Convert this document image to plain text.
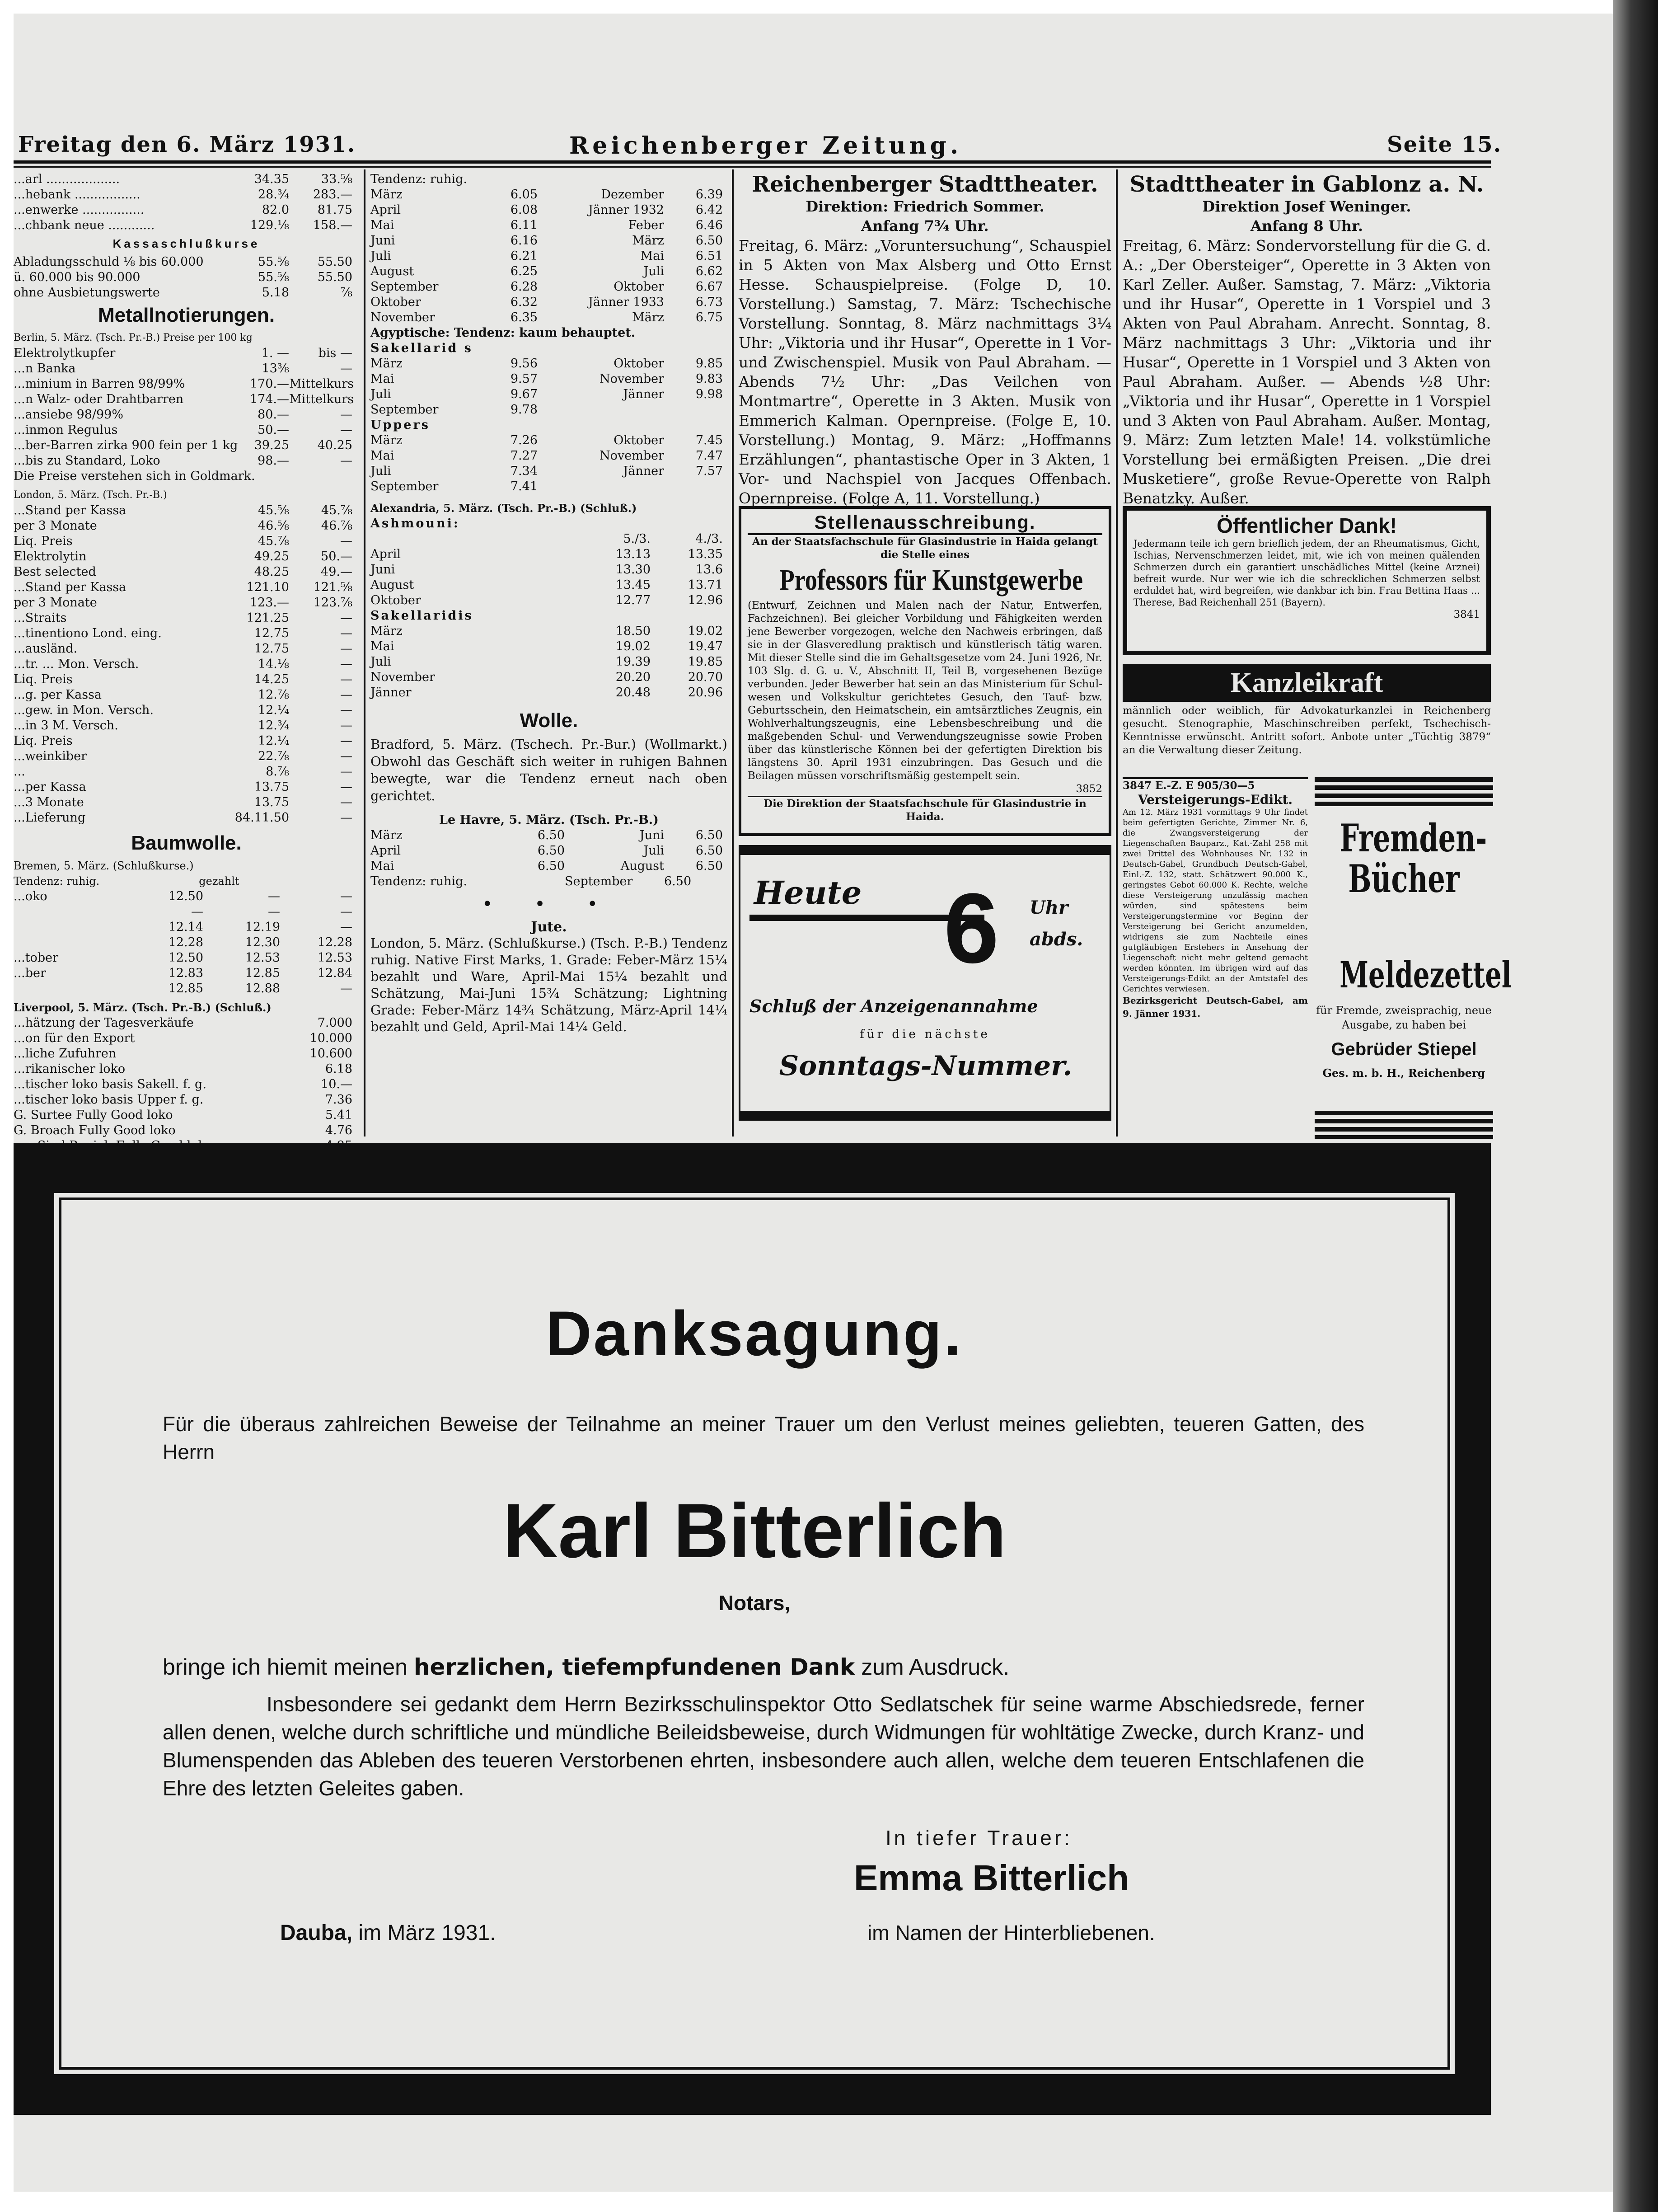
Freitag den 6. März 1931.	Reichenberger Zeitung.	Seite 15.
...arl ...................	34.35	33.⅝
...hebank .................	28.¾ 283.—
...enwerke ................	82.0 81.75
...chbank neue ............	129.⅛ 158.—
Kassaschlußkurse
Abladungsschuld ⅛ bis 60.000	55.⅝ 55.50
ü. 60.000 bis 90.000	55.⅝ 55.50
ohne Ausbietungswerte	5.18	⅞
Metallnotierungen.
Berlin, 5. März. (Tsch. Pr.-B.) Preise per 100 kg
Elektrolytkupfer	1. — bis —
...n Banka	13⅜	—
...minium in Barren 98/99%	170.—Mittelkurs
...n Walz- oder Drahtbarren	174.—Mittelkurs
...ansiebe 98/99%	80.—	—
...inmon Regulus	50.—	—
...ber-Barren zirka 900 fein per 1 kg 39.25 40.25
...bis zu Standard, Loko	98.—	—
Die Preise verstehen sich in Goldmark.
London, 5. März. (Tsch. Pr.-B.)
...Stand per Kassa	45.⅝	45.⅞
per 3 Monate	46.⅝	46.⅞
Liq. Preis	45.⅞	—
Elektrolytin	49.25	50.—
Best selected	48.25	49.—
...Stand per Kassa	121.10 121.⅝
per 3 Monate	123.— 123.⅞
...Straits	121.25	—
...tinentiono Lond. eing.	12.75	—
...ausländ.	12.75	—
...tr. ... Mon. Versch.	14.⅛	—
Liq. Preis	14.25	—
...g. per Kassa	12.⅞	—
...gew. in Mon. Versch.	12.¼	—
...in 3 M. Versch.	12.¾	—
Liq. Preis	12.¼	—
...weinkiber	22.⅞	—
...	8.⅞	—
...per Kassa	13.75	—
...3 Monate	13.75	—
...Lieferung	84.11.50	—
Baumwolle.
Bremen, 5. März. (Schlußkurse.)
Tendenz: ruhig.	gezahlt
...oko	12.50	—	—
—	—	—
12.14	12.19	—
12.28	12.30	12.28
...tober	12.50	12.53	12.53
...ber	12.83	12.85	12.84
12.85	12.88	—
Liverpool, 5. März. (Tsch. Pr.-B.) (Schluß.)
...hätzung der Tagesverkäufe	7.000
...on für den Export	10.000
...liche Zufuhren	10.600
...rikanischer loko	6.18
...tischer loko basis Sakell. f. g.	10.—
...tischer loko basis Upper f. g.	7.36
G. Surtee Fully Good loko	5.41
G. Broach Fully Good loko	4.76
Tendenz: ruhig.
März	6.05	Dezember	6.39
April	6.08	Jänner 1932	6.42
Mai	6.11	Feber	6.46
Juni	6.16	März	6.50
Juli	6.21	Mai	6.51
August	6.25	Juli	6.62
September	6.28	Oktober	6.67
Oktober	6.32	Jänner 1933	6.73
November	6.35	März	6.75
Agyptische: Tendenz: kaum behauptet.
Sakellarid s
März	9.56	Oktober	9.85
Mai	9.57	November	9.83
Juli	9.67	Jänner	9.98
September	9.78
Uppers
März	7.26	Oktober	7.45
Mai	7.27	November	7.47
Juli	7.34	Jänner	7.57
September	7.41
Alexandria, 5. März. (Tsch. Pr.-B.) (Schluß.)
Ashmouni:
5./3.	4./3.
April	13.13	13.35
Juni	13.30	13.6
August	13.45	13.71
Oktober	12.77	12.96
Sakellaridis
März	18.50	19.02
Mai	19.02	19.47
Juli	19.39	19.85
November	20.20	20.70
Jänner	20.48	20.96
Wolle.
Bradford, 5. März. (Tschech. Pr.-Bur.) (Wollmarkt.) Obwohl das Geschäft sich weiter in ruhigen Bahnen bewegte, war die Tendenz erneut nach oben gerichtet.
Le Havre, 5. März. (Tsch. Pr.-B.)
März	6.50	Juni	6.50
April	6.50	Juli	6.50
Mai	6.50	August	6.50
Tendenz: ruhig.	September	6.50
• • •
Jute.
London, 5. März. (Schlußkurse.) (Tsch. P.-B.) Tendenz ruhig. Native First Marks, 1. Grade: Feber-März 15¼ bezahlt und Ware, April-Mai 15¼ bezahlt und Schätzung, Mai-Juni 15¾ Schätzung; Lightning Grade: Feber-März 14¾ Schätzung, März-April 14¼ bezahlt und Geld, April-Mai 14¼ Geld.
Reichenberger Stadttheater.
Direktion: Friedrich Sommer.
Anfang 7¾ Uhr.
Freitag, 6. März: „Voruntersuchung“, Schauspiel in 5 Akten von Max Alsberg und Otto Ernst Hesse. Schauspielpreise. (Folge D, 10. Vorstellung.) Samstag, 7. März: Tschechische Vorstellung. Sonntag, 8. März nachmittags 3¼ Uhr: „Viktoria und ihr Husar“, Operette in 1 Vor- und Zwischenspiel. Musik von Paul Abraham. — Abends 7½ Uhr: „Das Veilchen von Montmartre“, Operette in 3 Akten. Musik von Emmerich Kalman. Opernpreise. (Folge E, 10. Vorstellung.) Montag, 9. März: „Hoffmanns Erzählungen“, phantastische Oper in 3 Akten, 1 Vor- und Nachspiel von Jacques Offenbach. Opernpreise. (Folge A, 11. Vorstellung.)
Stellenausschreibung.
An der Staatsfachschule für Glasindustrie in Haida gelangt die Stelle eines
Professors für Kunstgewerbe
(Entwurf, Zeichnen und Malen nach der Natur, Entwerfen, Fachzeichnen). Bei gleicher Vorbildung und Fähigkeiten werden jene Bewerber vorgezogen, welche den Nachweis erbringen, daß sie in der Glasveredlung praktisch und künstlerisch tätig waren. Mit dieser Stelle sind die im Gehaltsgesetze vom 24. Juni 1926, Nr. 103 Slg. d. G. u. V., Abschnitt II, Teil B, vorgesehenen Bezüge verbunden. Jeder Bewerber hat sein an das Ministerium für Schulwesen und Volkskultur gerichtetes Gesuch, den Tauf- bzw. Geburtsschein, den Heimatschein, ein amtsärztliches Zeugnis, ein Wohlverhaltungszeugnis, eine Lebensbeschreibung und die maßgebenden Schul- und Verwendungszeugnisse sowie Proben über das künstlerische Können bei der gefertigten Direktion bis längstens 30. April 1931 einzubringen. Das Gesuch und die Beilagen müssen vorschriftsmäßig gestempelt sein.
3852
Die Direktion der Staatsfachschule für Glasindustrie in Haida.
Heute 6 Uhr abds.
Schluß der Anzeigenannahme
für die nächste
Sonntags-Nummer.
Stadttheater in Gablonz a. N.
Direktion Josef Weninger.
Anfang 8 Uhr.
Freitag, 6. März: Sondervorstellung für die G. d. A.: „Der Obersteiger“, Operette in 3 Akten von Karl Zeller. Außer. Samstag, 7. März: „Viktoria und ihr Husar“, Operette in 1 Vorspiel und 3 Akten von Paul Abraham. Anrecht. Sonntag, 8. März nachmittags 3 Uhr: „Viktoria und ihr Husar“, Operette in 1 Vorspiel und 3 Akten von Paul Abraham. Außer. — Abends ½8 Uhr: „Viktoria und ihr Husar“, Operette in 1 Vorspiel und 3 Akten von Paul Abraham. Außer. Montag, 9. März: Zum letzten Male! 14. volkstümliche Vorstellung bei ermäßigten Preisen. „Die drei Musketiere“, große Revue-Operette von Ralph Benatzky. Außer.
Öffentlicher Dank!
Jedermann teile ich gern brieflich jedem, der an Rheumatismus, Gicht, Ischias, Nervenschmerzen leidet, mit, wie ich von meinen quälenden Schmerzen durch ein garantiert unschädliches Mittel (keine Arznei) befreit wurde. Nur wer wie ich die schrecklichen Schmerzen selbst erduldet hat, wird begreifen, wie dankbar ich bin. Frau Bettina Haas ... Therese, Bad Reichenhall 251 (Bayern).
3841
Kanzleikraft
männlich oder weiblich, für Advokaturkanzlei in Reichenberg gesucht. Stenographie, Maschinschreiben perfekt, Tschechisch-Kenntnisse erwünscht. Antritt sofort. Anbote unter „Tüchtig 3879“ an die Verwaltung dieser Zeitung.
3847 E.-Z. E 905/30—5
Versteigerungs-Edikt.
Am 12. März 1931 vormittags 9 Uhr findet beim gefertigten Gerichte, Zimmer Nr. 6, die Zwangsversteigerung der Liegenschaften Bauparz., Kat.-Zahl 258 mit zwei Drittel des Wohnhauses Nr. 132 in Deutsch-Gabel, Grundbuch Deutsch-Gabel, Einl.-Z. 132, statt. Schätzwert 90.000 K., geringstes Gebot 60.000 K. Rechte, welche diese Versteigerung unzulässig machen würden, sind spätestens beim Versteigerungstermine vor Beginn der Versteigerung bei Gericht anzumelden, widrigens sie zum Nachteile eines gutgläubigen Erstehers in Ansehung der Liegenschaft nicht mehr geltend gemacht werden könnten. Im übrigen wird auf das Versteigerungs-Edikt an der Amtstafel des Gerichtes verwiesen.
Bezirksgericht Deutsch-Gabel, am 9. Jänner 1931.
Fremden-Bücher
Meldezettel
für Fremde, zweisprachig, neue Ausgabe, zu haben bei
Gebrüder Stiepel
Ges. m. b. H., Reichenberg
Danksagung.
Für die überaus zahlreichen Beweise der Teilnahme an meiner Trauer um den Verlust meines geliebten, teueren Gatten, des Herrn
Karl Bitterlich
Notars,
bringe ich hiemit meinen herzlichen, tiefempfundenen Dank zum Ausdruck.
Insbesondere sei gedankt dem Herrn Bezirksschulinspektor Otto Sedlatschek für seine warme Abschiedsrede, ferner allen denen, welche durch schriftliche und mündliche Beileidsbeweise, durch Widmungen für wohltätige Zwecke, durch Kranz- und Blumenspenden das Ableben des teueren Verstorbenen ehrten, insbesondere auch allen, welche dem teueren Entschlafenen die Ehre des letzten Geleites gaben.
In tiefer Trauer:
Emma Bitterlich
Dauba, im März 1931.	im Namen der Hinterbliebenen.
